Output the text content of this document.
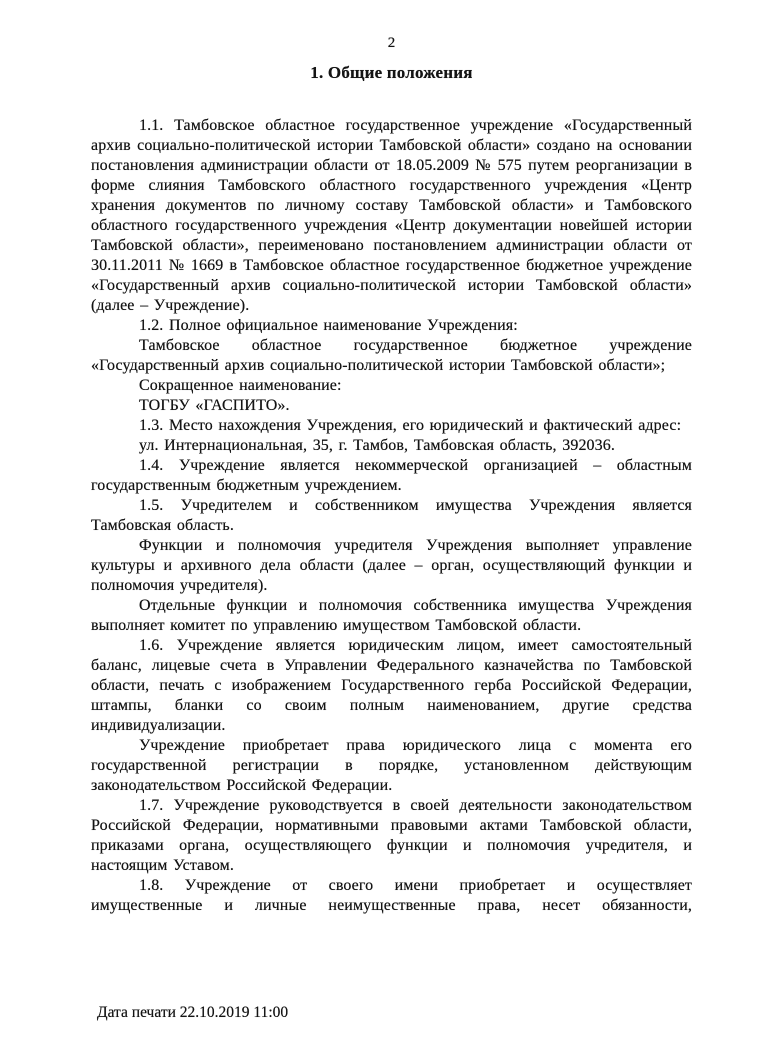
2
1. Общие положения

1.1. Тамбовское областное государственное учреждение «Государственный архив социально-политической истории Тамбовской области» создано на основании постановления администрации области от 18.05.2009 № 575 путем реорганизации в форме слияния Тамбовского областного государственного учреждения «Центр хранения документов по личному составу Тамбовской области» и Тамбовского областного государственного учреждения «Центр документации новейшей истории Тамбовской области», переименовано постановлением администрации области от 30.11.2011 № 1669 в Тамбовское областное государственное бюджетное учреждение «Государственный архив социально-политической истории Тамбовской области» (далее – Учреждение).

1.2. Полное официальное наименование Учреждения:

Тамбовское областное государственное бюджетное учреждение «Государственный архив социально-политической истории Тамбовской области»;

Сокращенное наименование:

ТОГБУ «ГАСПИТО».

1.3. Место нахождения Учреждения, его юридический и фактический адрес:

ул. Интернациональная, 35, г. Тамбов, Тамбовская область, 392036.

1.4. Учреждение является некоммерческой организацией – областным государственным бюджетным учреждением.

1.5. Учредителем и собственником имущества Учреждения является Тамбовская область.

Функции и полномочия учредителя Учреждения выполняет управление культуры и архивного дела области (далее – орган, осуществляющий функции и полномочия учредителя).

Отдельные функции и полномочия собственника имущества Учреждения выполняет комитет по управлению имуществом Тамбовской области.

1.6. Учреждение является юридическим лицом, имеет самостоятельный баланс, лицевые счета в Управлении Федерального казначейства по Тамбовской области, печать с изображением Государственного герба Российской Федерации, штампы, бланки со своим полным наименованием, другие средства индивидуализации.

Учреждение приобретает права юридического лица с момента его государственной регистрации в порядке, установленном действующим законодательством Российской Федерации.

1.7. Учреждение руководствуется в своей деятельности законодательством Российской Федерации, нормативными правовыми актами Тамбовской области, приказами органа, осуществляющего функции и полномочия учредителя, и настоящим Уставом.

1.8. Учреждение от своего имени приобретает и осуществляет имущественные и личные неимущественные права, несет обязанности,

Дата печати 22.10.2019 11:00
